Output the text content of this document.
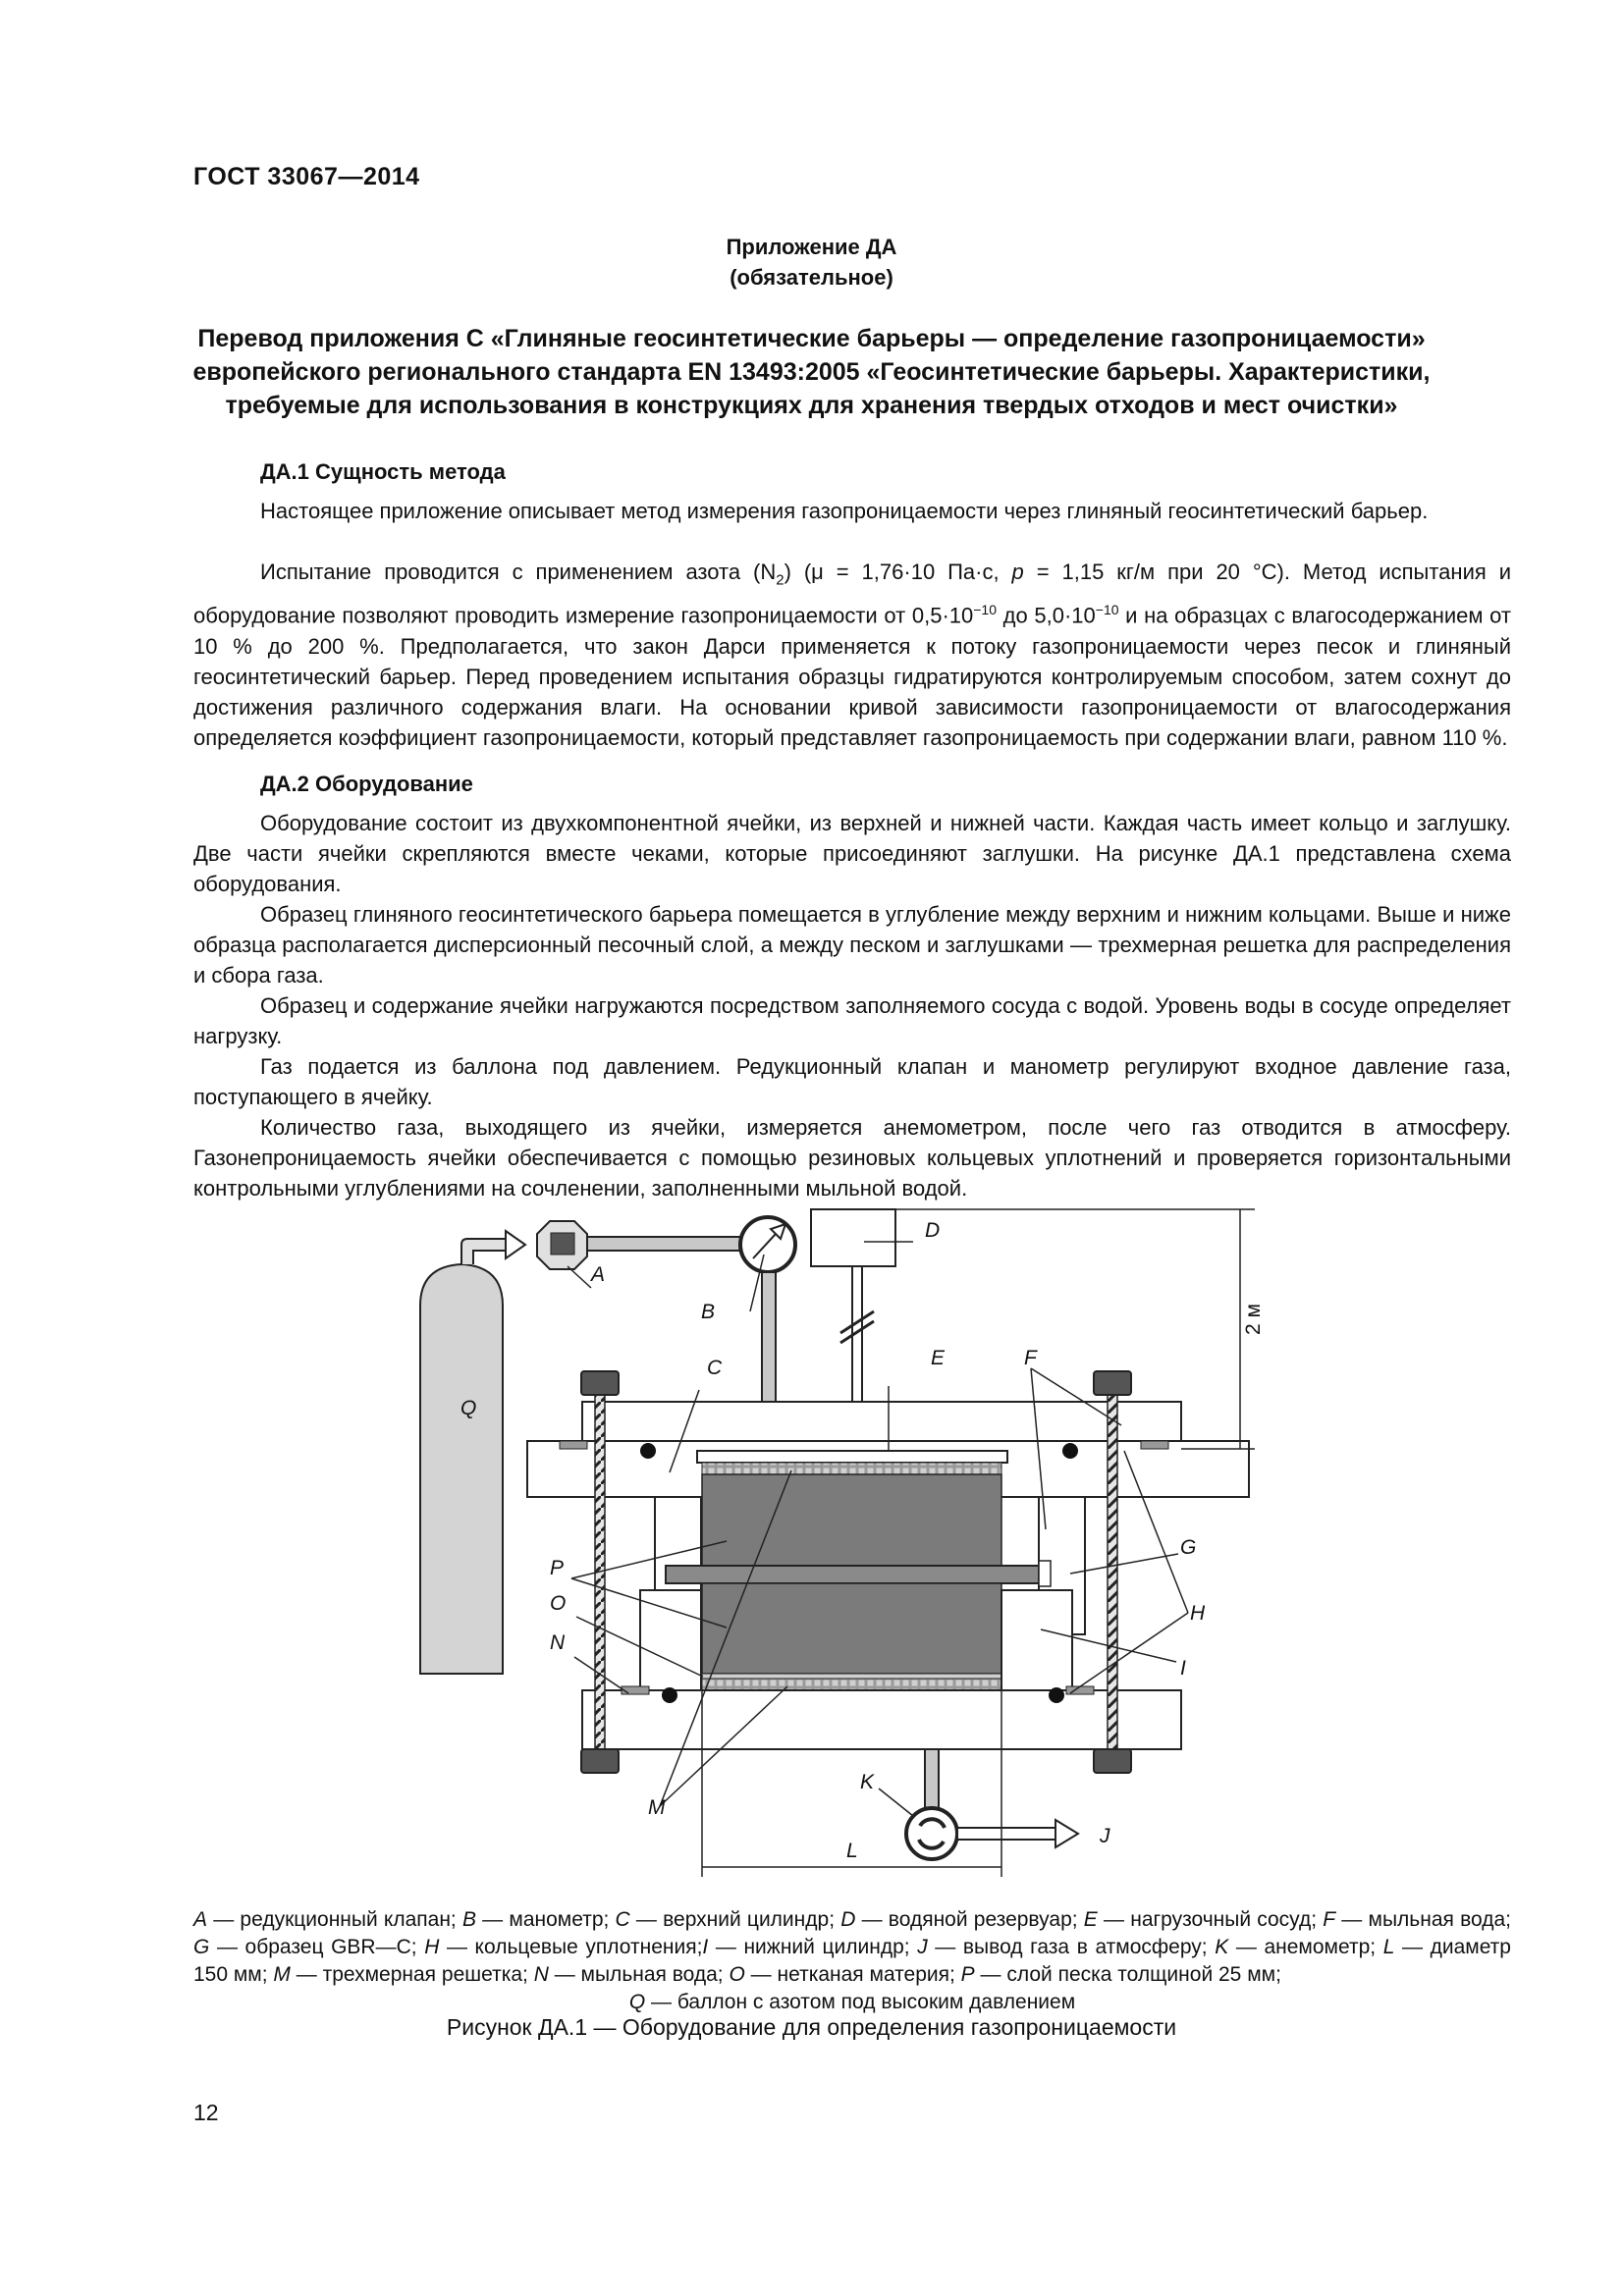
ГОСТ 33067—2014
Приложение ДА
(обязательное)
Перевод приложения С «Глиняные геосинтетические барьеры — определение газопроницаемости» европейского регионального стандарта EN 13493:2005 «Геосинтетические барьеры. Характеристики, требуемые для использования в конструкциях для хранения твердых отходов и мест очистки»
ДА.1 Сущность метода
Настоящее приложение описывает метод измерения газопроницаемости через глиняный геосинтетический барьер.
Испытание проводится с применением азота $(N_2) (\mu = 1,76\cdot 10$ Па·с, p = 1,15 кг/м при 20 °С). Метод испытания и оборудование позволяют проводить измерение газопроницаемости от $0,5\cdot 10^{-10}$ до $5,0\cdot 10^{-10}$ и на образцах с влагосодержанием от 10 % до 200 %. Предполагается, что закон Дарси применяется к потоку газопроницаемости через песок и глиняный геосинтетический барьер. Перед проведением испытания образцы гидратируются контролируемым способом, затем сохнут до достижения различного содержания влаги. На основании кривой зависимости газопроницаемости от влагосодержания определяется коэффициент газопроницаемости, который представляет газопроницаемость при содержании влаги, равном 110 %.
ДА.2 Оборудование
Оборудование состоит из двухкомпонентной ячейки, из верхней и нижней части. Каждая часть имеет кольцо и заглушку. Две части ячейки скрепляются вместе чеками, которые присоединяют заглушки. На рисунке ДА.1 представлена схема оборудования.
Образец глиняного геосинтетического барьера помещается в углубление между верхним и нижним кольцами. Выше и ниже образца располагается дисперсионный песочный слой, а между песком и заглушками — трехмерная решетка для распределения и сбора газа.
Образец и содержание ячейки нагружаются посредством заполняемого сосуда с водой. Уровень воды в сосуде определяет нагрузку.
Газ подается из баллона под давлением. Редукционный клапан и манометр регулируют входное давление газа, поступающего в ячейку.
Количество газа, выходящего из ячейки, измеряется анемометром, после чего газ отводится в атмосферу. Газонепроницаемость ячейки обеспечивается с помощью резиновых кольцевых уплотнений и проверяется горизонтальными контрольными углублениями на сочленении, заполненными мыльной водой.
2 м
Q
A
B
C
D
E	F
G
H
I
J
K
L
M
N
O
P
A — редукционный клапан; B — манометр; C — верхний цилиндр; D — водяной резервуар; E — нагрузочный сосуд; F — мыльная вода; G — образец GBR—C; H — кольцевые уплотнения;I — нижний цилиндр; J — вывод газа в атмосферу; K — анемометр; L — диаметр 150 мм; M — трехмерная решетка; N — мыльная вода; O — нетканая материя; P — слой песка толщиной 25 мм;
Q — баллон с азотом под высоким давлением
Рисунок ДА.1 — Оборудование для определения газопроницаемости
12
